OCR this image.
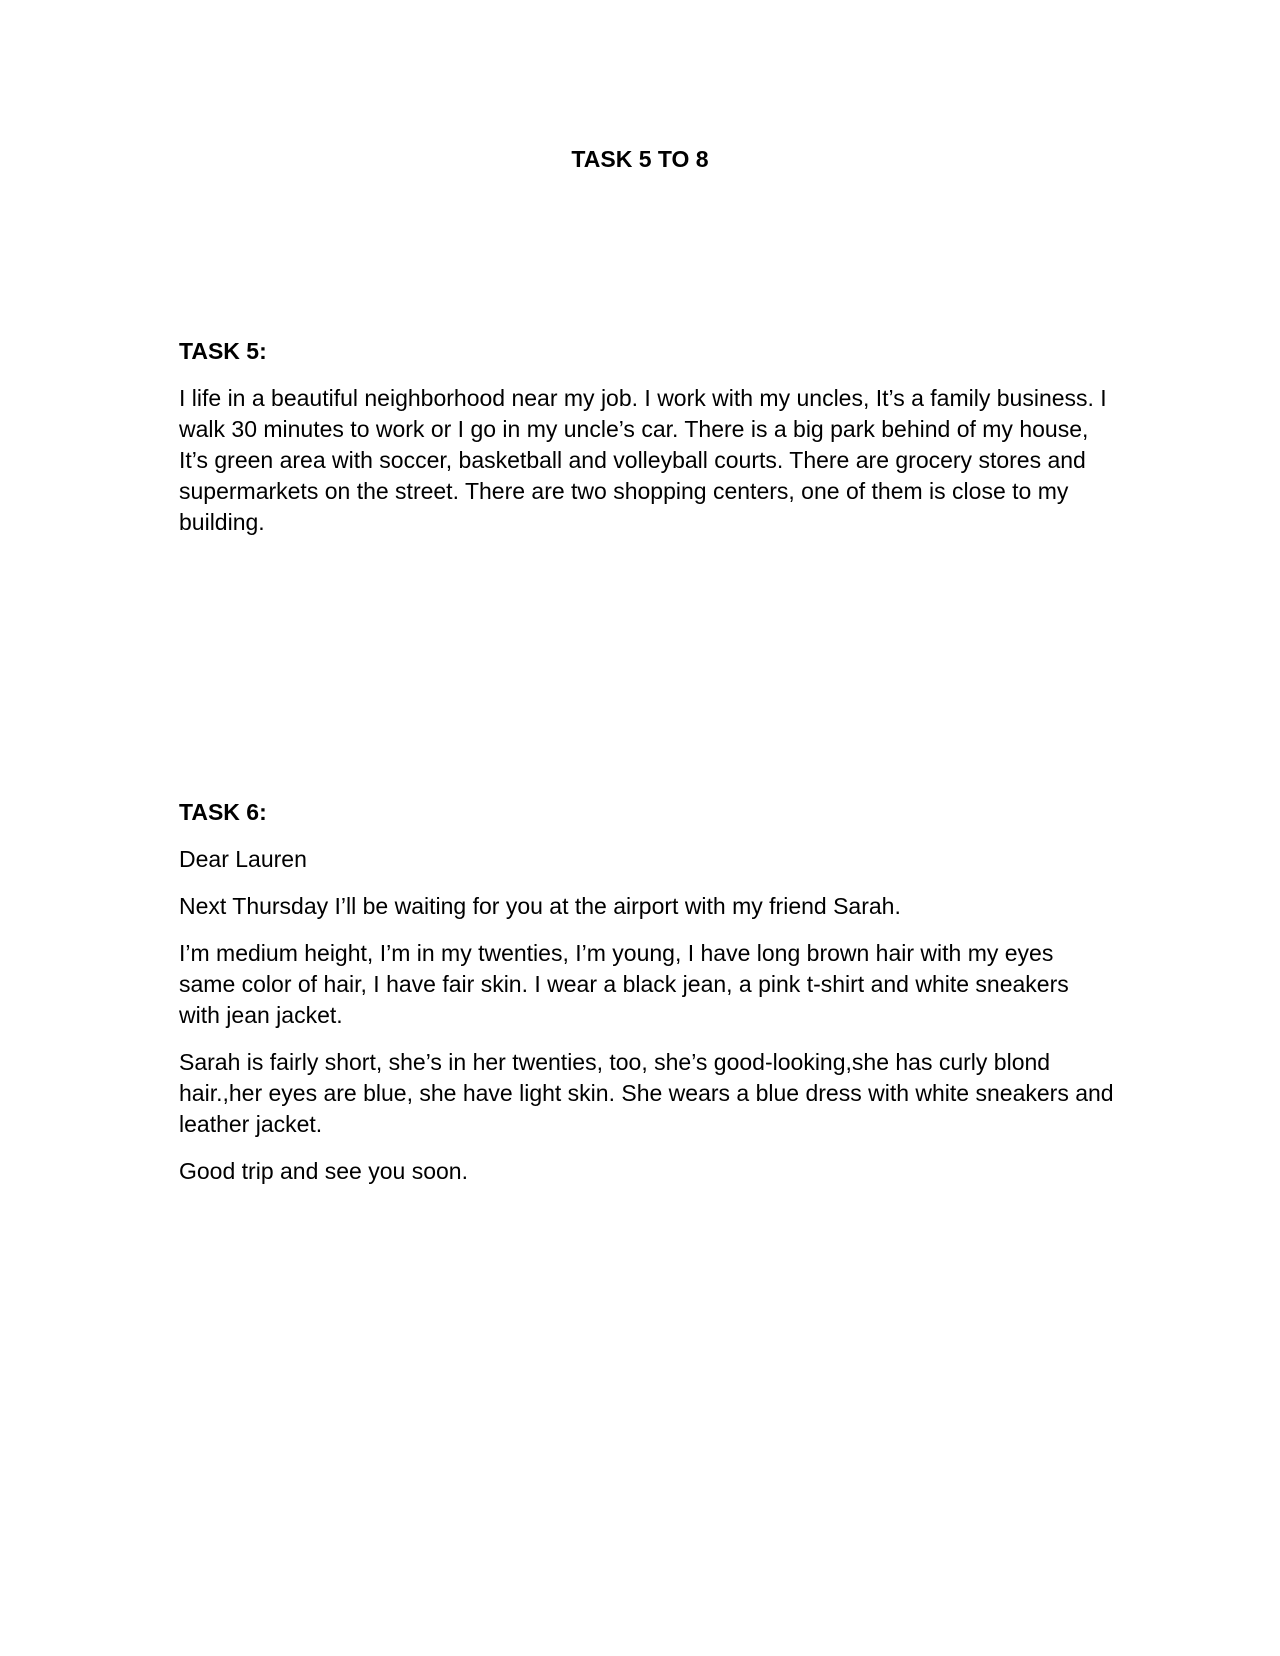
TASK 5 TO 8

TASK 5:

I life in a beautiful neighborhood near my job. I work with my uncles, It’s a family business. I walk 30 minutes to work or I go in my uncle’s car. There is a big park behind of my house, It’s green area with soccer, basketball and volleyball courts. There are grocery stores and supermarkets on the street. There are two shopping centers, one of them is close to my building.

TASK 6:

Dear Lauren

Next Thursday I’ll be waiting for you at the airport with my friend Sarah.

I’m medium height, I’m in my twenties, I’m young, I have long brown hair with my eyes same color of hair, I have fair skin. I wear a black jean, a pink t-shirt and white sneakers with jean jacket.

Sarah is fairly short, she’s in her twenties, too, she’s good-looking,she has curly blond hair.,her eyes are blue, she have light skin. She wears a blue dress with white sneakers and leather jacket.

Good trip and see you soon.
